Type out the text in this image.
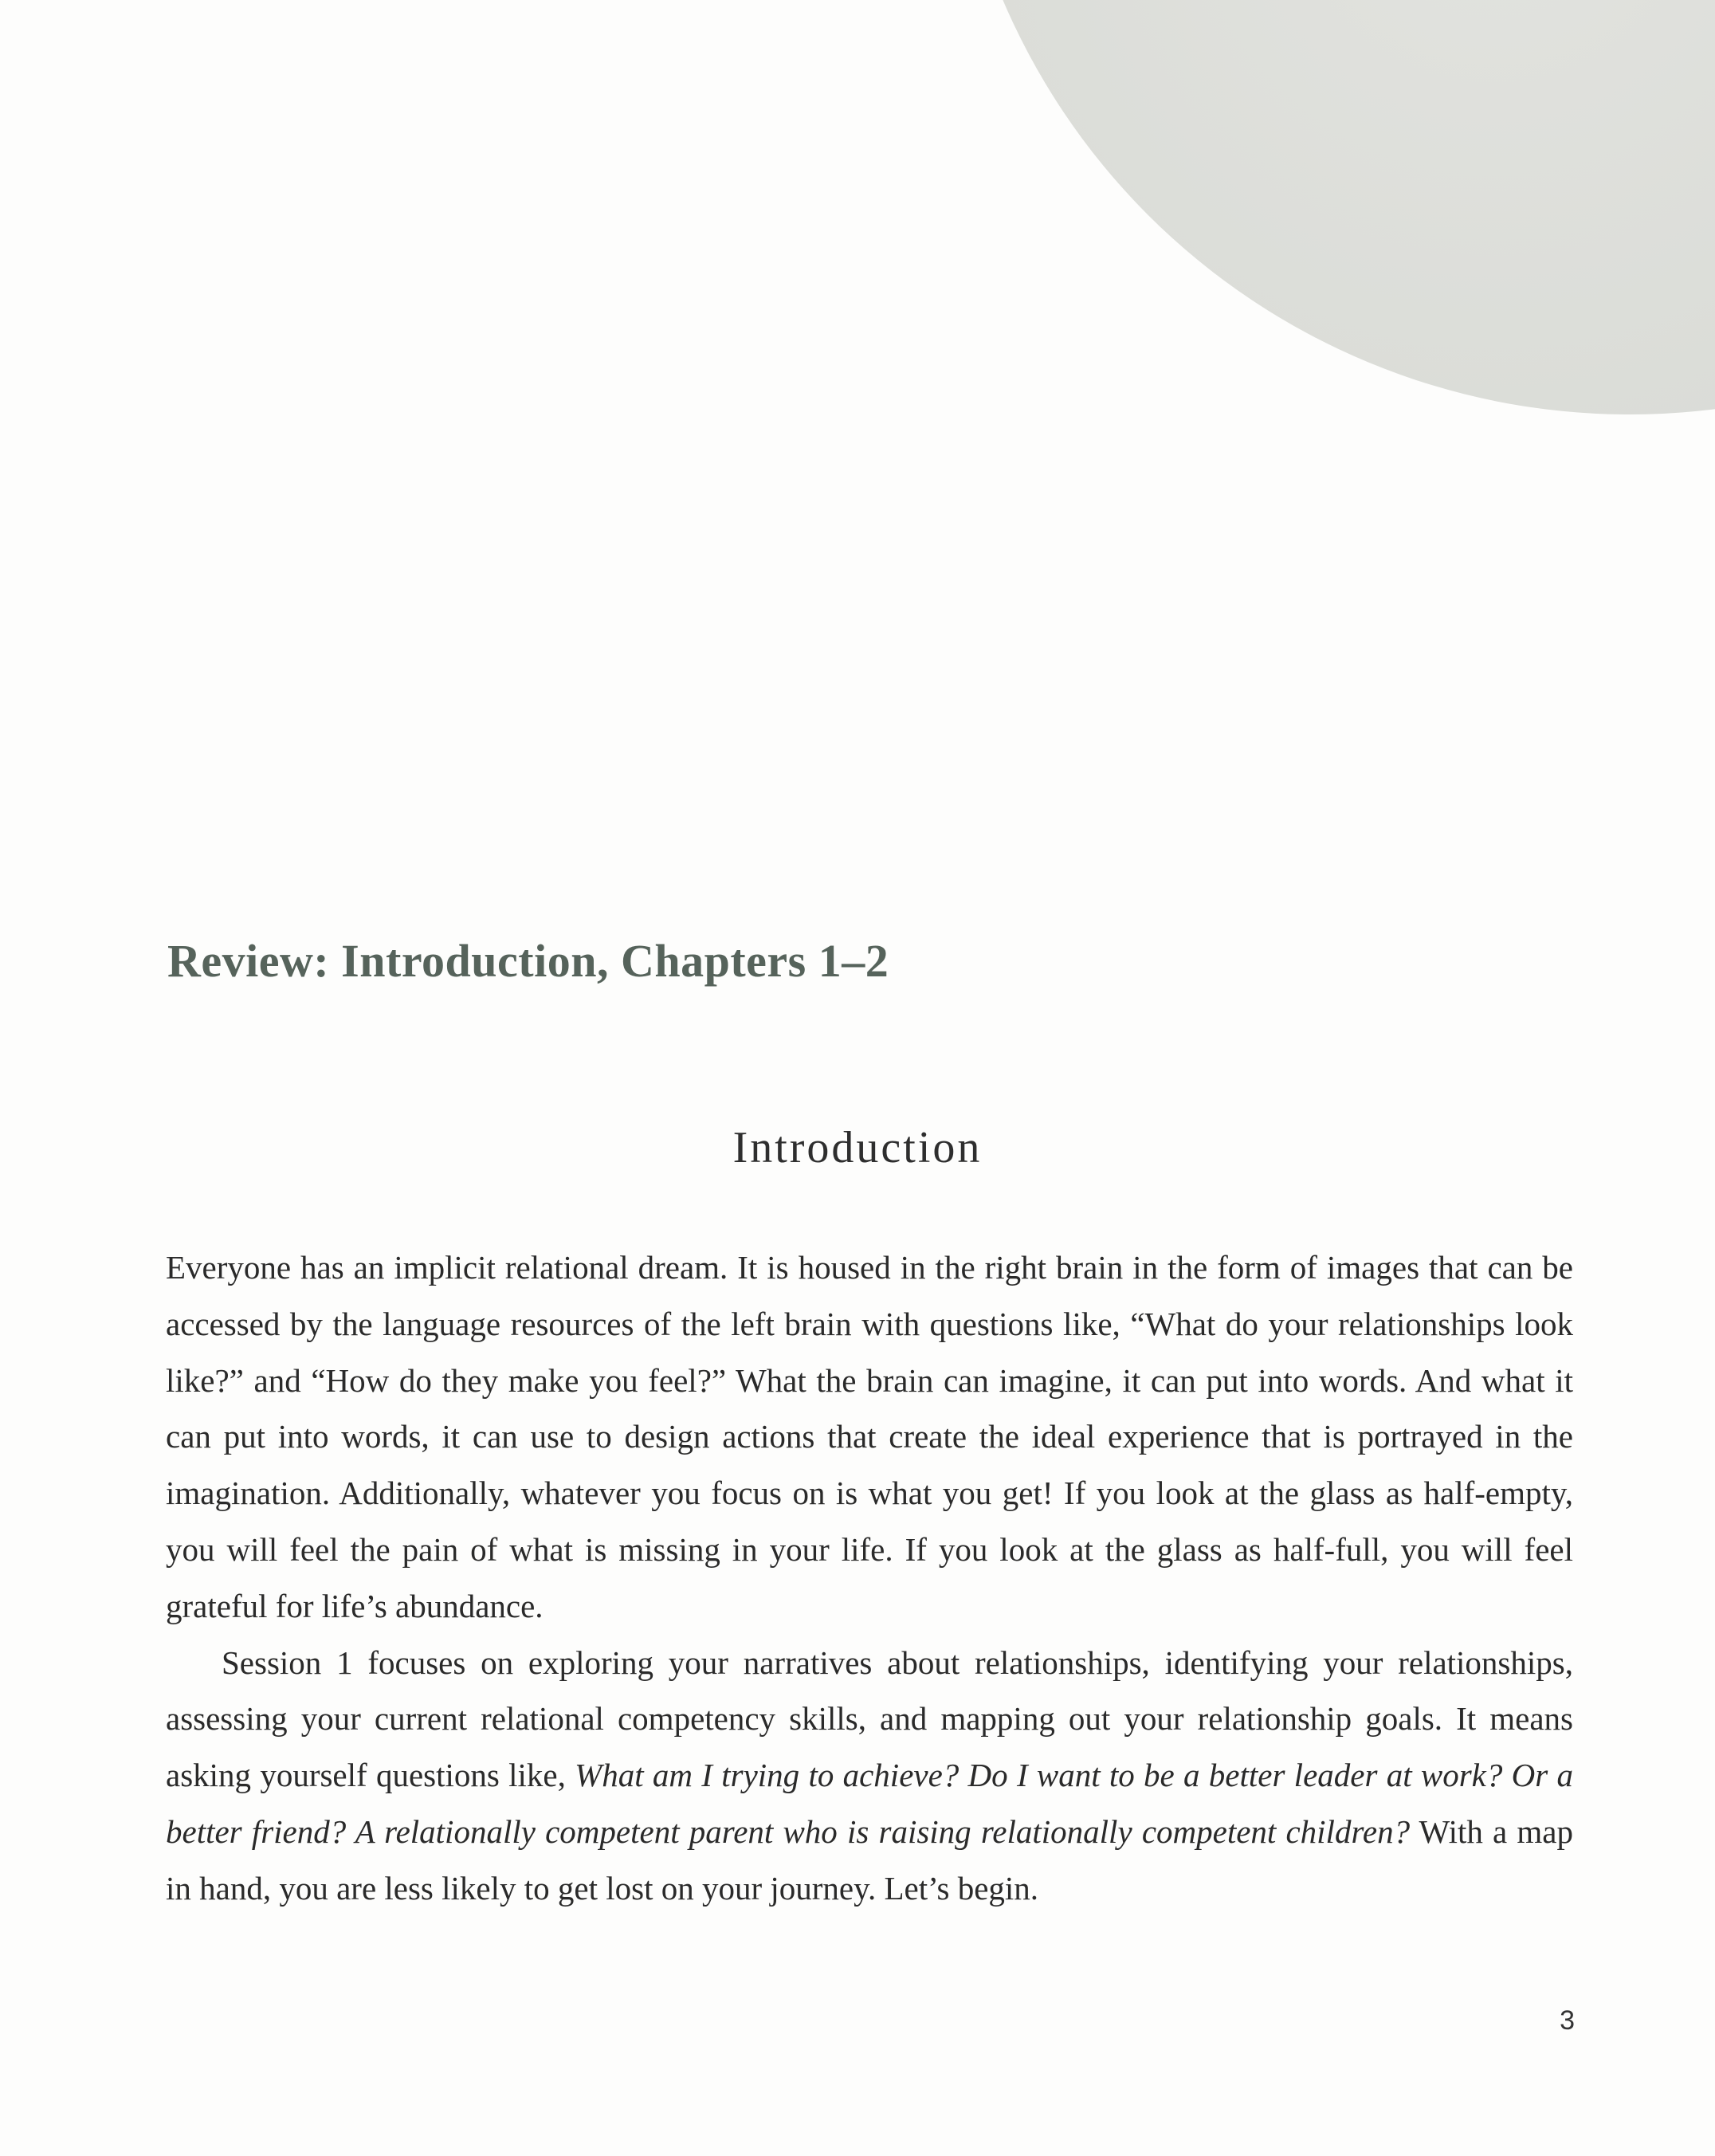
Review: Introduction, Chapters 1–2
Introduction

Everyone has an implicit relational dream. It is housed in the right brain in the form of images that can be accessed by the language resources of the left brain with questions like, “What do your relationships look like?” and “How do they make you feel?” What the brain can imagine, it can put into words. And what it can put into words, it can use to design actions that create the ideal experience that is portrayed in the imagination. Additionally, whatever you focus on is what you get! If you look at the glass as half-empty, you will feel the pain of what is missing in your life. If you look at the glass as half-full, you will feel grateful for life’s abundance.

Session 1 focuses on exploring your narratives about relationships, identifying your relationships, assessing your current relational competency skills, and mapping out your relationship goals. It means asking yourself questions like, What am I trying to achieve? Do I want to be a better leader at work? Or a better friend? A relationally competent parent who is raising relationally competent children? With a map in hand, you are less likely to get lost on your journey. Let’s begin.

3
